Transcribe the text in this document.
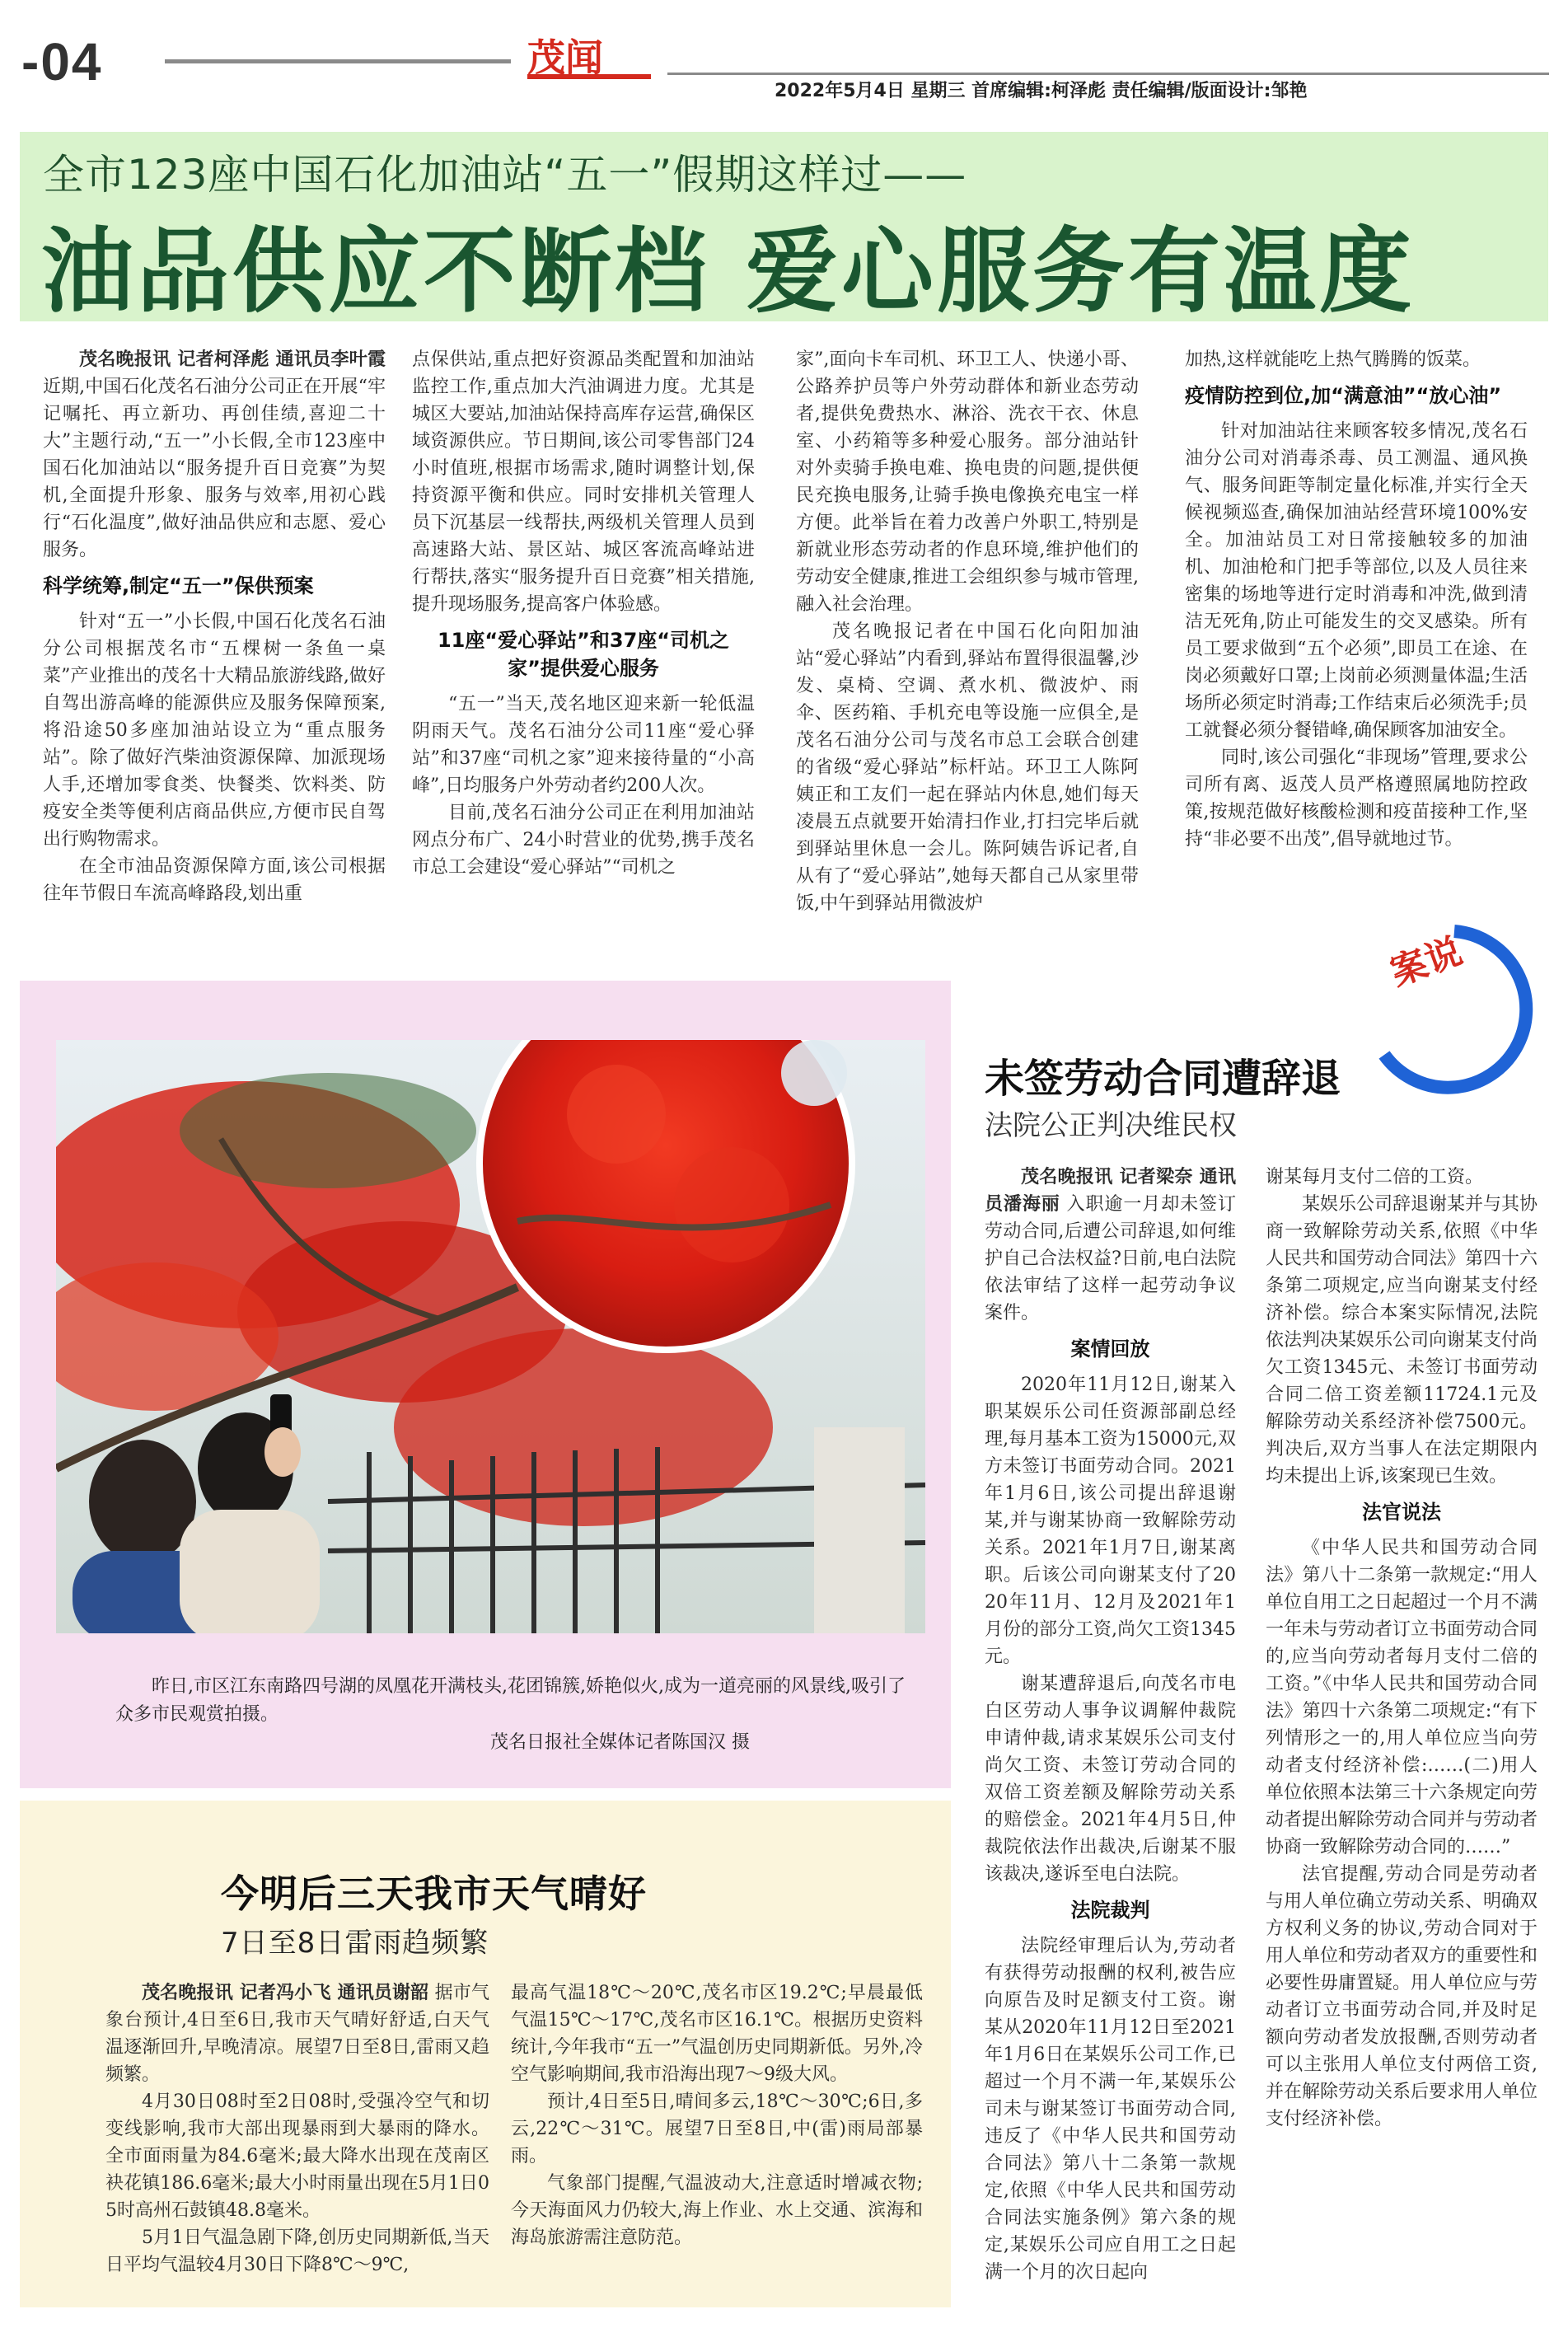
-04	茂闻
2022年5月4日 星期三 首席编辑:柯泽彪 责任编辑/版面设计:邹艳
全市123座中国石化加油站“五一”假期这样过——
油品供应不断档 爱心服务有温度

茂名晚报讯 记者柯泽彪 通讯员李叶霞 近期,中国石化茂名石油分公司正在开展“牢记嘱托、再立新功、再创佳绩,喜迎二十大”主题行动,“五一”小长假,全市123座中国石化加油站以“服务提升百日竞赛”为契机,全面提升形象、服务与效率,用初心践行“石化温度”,做好油品供应和志愿、爱心服务。

科学统筹,制定“五一”保供预案

针对“五一”小长假,中国石化茂名石油分公司根据茂名市“五棵树一条鱼一桌菜”产业推出的茂名十大精品旅游线路,做好自驾出游高峰的能源供应及服务保障预案,将沿途50多座加油站设立为“重点服务站”。除了做好汽柴油资源保障、加派现场人手,还增加零食类、快餐类、饮料类、防疫安全类等便利店商品供应,方便市民自驾出行购物需求。

在全市油品资源保障方面,该公司根据往年节假日车流高峰路段,划出重

点保供站,重点把好资源品类配置和加油站监控工作,重点加大汽油调进力度。尤其是城区大要站,加油站保持高库存运营,确保区域资源供应。节日期间,该公司零售部门24小时值班,根据市场需求,随时调整计划,保持资源平衡和供应。同时安排机关管理人员下沉基层一线帮扶,两级机关管理人员到高速路大站、景区站、城区客流高峰站进行帮扶,落实“服务提升百日竞赛”相关措施,提升现场服务,提高客户体验感。

11座“爱心驿站”和37座“司机之家”提供爱心服务

“五一”当天,茂名地区迎来新一轮低温阴雨天气。茂名石油分公司11座“爱心驿站”和37座“司机之家”迎来接待量的“小高峰”,日均服务户外劳动者约200人次。

目前,茂名石油分公司正在利用加油站网点分布广、24小时营业的优势,携手茂名市总工会建设“爱心驿站”“司机之

家”,面向卡车司机、环卫工人、快递小哥、公路养护员等户外劳动群体和新业态劳动者,提供免费热水、淋浴、洗衣干衣、休息室、小药箱等多种爱心服务。部分油站针对外卖骑手换电难、换电贵的问题,提供便民充换电服务,让骑手换电像换充电宝一样方便。此举旨在着力改善户外职工,特别是新就业形态劳动者的作息环境,维护他们的劳动安全健康,推进工会组织参与城市管理,融入社会治理。

茂名晚报记者在中国石化向阳加油站“爱心驿站”内看到,驿站布置得很温馨,沙发、桌椅、空调、煮水机、微波炉、雨伞、医药箱、手机充电等设施一应俱全,是茂名石油分公司与茂名市总工会联合创建的省级“爱心驿站”标杆站。环卫工人陈阿姨正和工友们一起在驿站内休息,她们每天凌晨五点就要开始清扫作业,打扫完毕后就到驿站里休息一会儿。陈阿姨告诉记者,自从有了“爱心驿站”,她每天都自己从家里带饭,中午到驿站用微波炉

加热,这样就能吃上热气腾腾的饭菜。

疫情防控到位,加“满意油”“放心油”

针对加油站往来顾客较多情况,茂名石油分公司对消毒杀毒、员工测温、通风换气、服务间距等制定量化标准,并实行全天候视频巡查,确保加油站经营环境100%安全。加油站员工对日常接触较多的加油机、加油枪和门把手等部位,以及人员往来密集的场地等进行定时消毒和冲洗,做到清洁无死角,防止可能发生的交叉感染。所有员工要求做到“五个必须”,即员工在途、在岗必须戴好口罩;上岗前必须测量体温;生活场所必须定时消毒;工作结束后必须洗手;员工就餐必须分餐错峰,确保顾客加油安全。

同时,该公司强化“非现场”管理,要求公司所有离、返茂人员严格遵照属地防控政策,按规范做好核酸检测和疫苗接种工作,坚持“非必要不出茂”,倡导就地过节。

昨日,市区江东南路四号湖的凤凰花开满枝头,花团锦簇,娇艳似火,成为一道亮丽的风景线,吸引了众多市民观赏拍摄。
茂名日报社全媒体记者陈国汉 摄
今明后三天我市天气晴好
7日至8日雷雨趋频繁

茂名晚报讯 记者冯小飞 通讯员谢韶 据市气象台预计,4日至6日,我市天气晴好舒适,白天气温逐渐回升,早晚清凉。展望7日至8日,雷雨又趋频繁。

4月30日08时至2日08时,受强冷空气和切变线影响,我市大部出现暴雨到大暴雨的降水。全市面雨量为84.6毫米;最大降水出现在茂南区袂花镇186.6毫米;最大小时雨量出现在5月1日05时高州石鼓镇48.8毫米。

5月1日气温急剧下降,创历史同期新低,当天日平均气温较4月30日下降8℃～9℃,

最高气温18℃～20℃,茂名市区19.2℃;早晨最低气温15℃～17℃,茂名市区16.1℃。根据历史资料统计,今年我市“五一”气温创历史同期新低。另外,冷空气影响期间,我市沿海出现7～9级大风。

预计,4日至5日,晴间多云,18℃～30℃;6日,多云,22℃～31℃。展望7日至8日,中(雷)雨局部暴雨。

气象部门提醒,气温波动大,注意适时增减衣物;今天海面风力仍较大,海上作业、水上交通、滨海和海岛旅游需注意防范。

案说
未签劳动合同遭辞退
法院公正判决维民权

茂名晚报讯 记者梁奈 通讯员潘海丽 入职逾一月却未签订劳动合同,后遭公司辞退,如何维护自己合法权益?日前,电白法院依法审结了这样一起劳动争议案件。

案情回放

2020年11月12日,谢某入职某娱乐公司任资源部副总经理,每月基本工资为15000元,双方未签订书面劳动合同。2021年1月6日,该公司提出辞退谢某,并与谢某协商一致解除劳动关系。2021年1月7日,谢某离职。后该公司向谢某支付了2020年11月、12月及2021年1月份的部分工资,尚欠工资1345元。

谢某遭辞退后,向茂名市电白区劳动人事争议调解仲裁院申请仲裁,请求某娱乐公司支付尚欠工资、未签订劳动合同的双倍工资差额及解除劳动关系的赔偿金。2021年4月5日,仲裁院依法作出裁决,后谢某不服该裁决,遂诉至电白法院。

法院裁判

法院经审理后认为,劳动者有获得劳动报酬的权利,被告应向原告及时足额支付工资。谢某从2020年11月12日至2021年1月6日在某娱乐公司工作,已超过一个月不满一年,某娱乐公司未与谢某签订书面劳动合同,违反了《中华人民共和国劳动合同法》第八十二条第一款规定,依照《中华人民共和国劳动合同法实施条例》第六条的规定,某娱乐公司应自用工之日起满一个月的次日起向

谢某每月支付二倍的工资。

某娱乐公司辞退谢某并与其协商一致解除劳动关系,依照《中华人民共和国劳动合同法》第四十六条第二项规定,应当向谢某支付经济补偿。综合本案实际情况,法院依法判决某娱乐公司向谢某支付尚欠工资1345元、未签订书面劳动合同二倍工资差额11724.1元及解除劳动关系经济补偿7500元。判决后,双方当事人在法定期限内均未提出上诉,该案现已生效。

法官说法

《中华人民共和国劳动合同法》第八十二条第一款规定:“用人单位自用工之日起超过一个月不满一年未与劳动者订立书面劳动合同的,应当向劳动者每月支付二倍的工资。”《中华人民共和国劳动合同法》第四十六条第二项规定:“有下列情形之一的,用人单位应当向劳动者支付经济补偿:……(二)用人单位依照本法第三十六条规定向劳动者提出解除劳动合同并与劳动者协商一致解除劳动合同的……”

法官提醒,劳动合同是劳动者与用人单位确立劳动关系、明确双方权利义务的协议,劳动合同对于用人单位和劳动者双方的重要性和必要性毋庸置疑。用人单位应与劳动者订立书面劳动合同,并及时足额向劳动者发放报酬,否则劳动者可以主张用人单位支付两倍工资,并在解除劳动关系后要求用人单位支付经济补偿。
